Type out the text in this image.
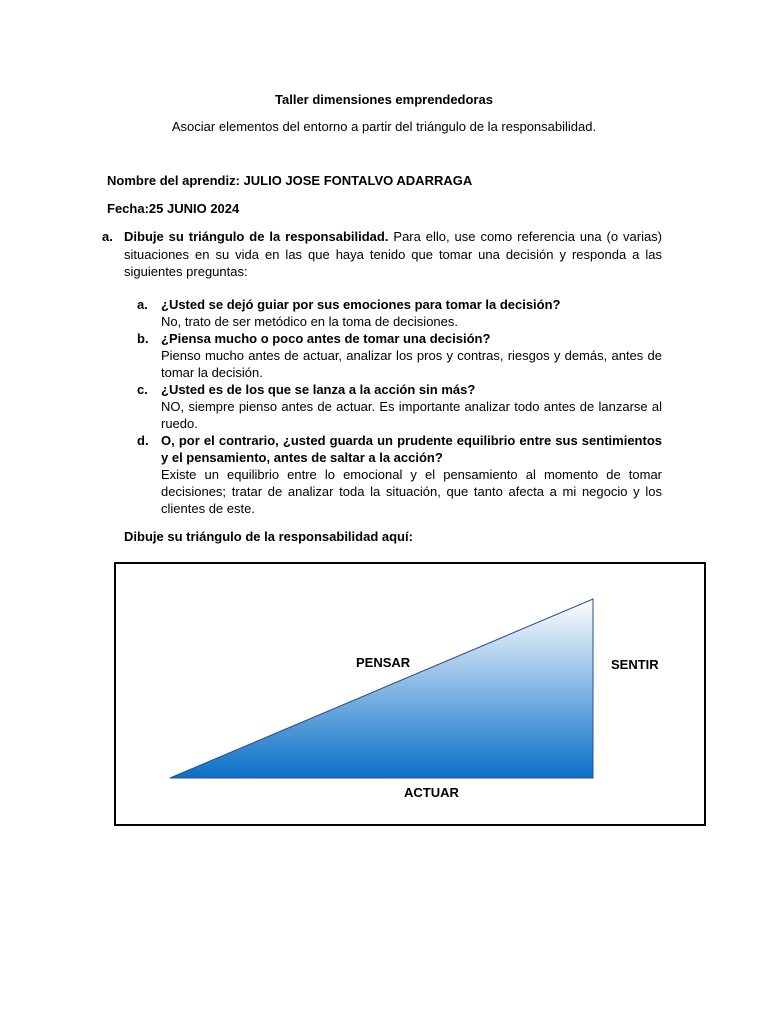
Taller dimensiones emprendedoras
Asociar elementos del entorno a partir del triángulo de la responsabilidad.
Nombre del aprendiz: JULIO JOSE FONTALVO ADARRAGA
Fecha:25 JUNIO 2024
a. Dibuje su triángulo de la responsabilidad. Para ello, use como referencia una (o varias) situaciones en su vida en las que haya tenido que tomar una decisión y responda a las siguientes preguntas:
a. ¿Usted se dejó guiar por sus emociones para tomar la decisión?
No, trato de ser metódico en la toma de decisiones.
b. ¿Piensa mucho o poco antes de tomar una decisión?
Pienso mucho antes de actuar, analizar los pros y contras, riesgos y demás, antes de tomar la decisión.
c. ¿Usted es de los que se lanza a la acción sin más?
NO, siempre pienso antes de actuar. Es importante analizar todo antes de lanzarse al ruedo.
d. O, por el contrario, ¿usted guarda un prudente equilibrio entre sus sentimientos y el pensamiento, antes de saltar a la acción?
Existe un equilibrio entre lo emocional y el pensamiento al momento de tomar decisiones; tratar de analizar toda la situación, que tanto afecta a mi negocio y los clientes de este.
Dibuje su triángulo de la responsabilidad aquí:
PENSAR	SENTIR
ACTUAR
